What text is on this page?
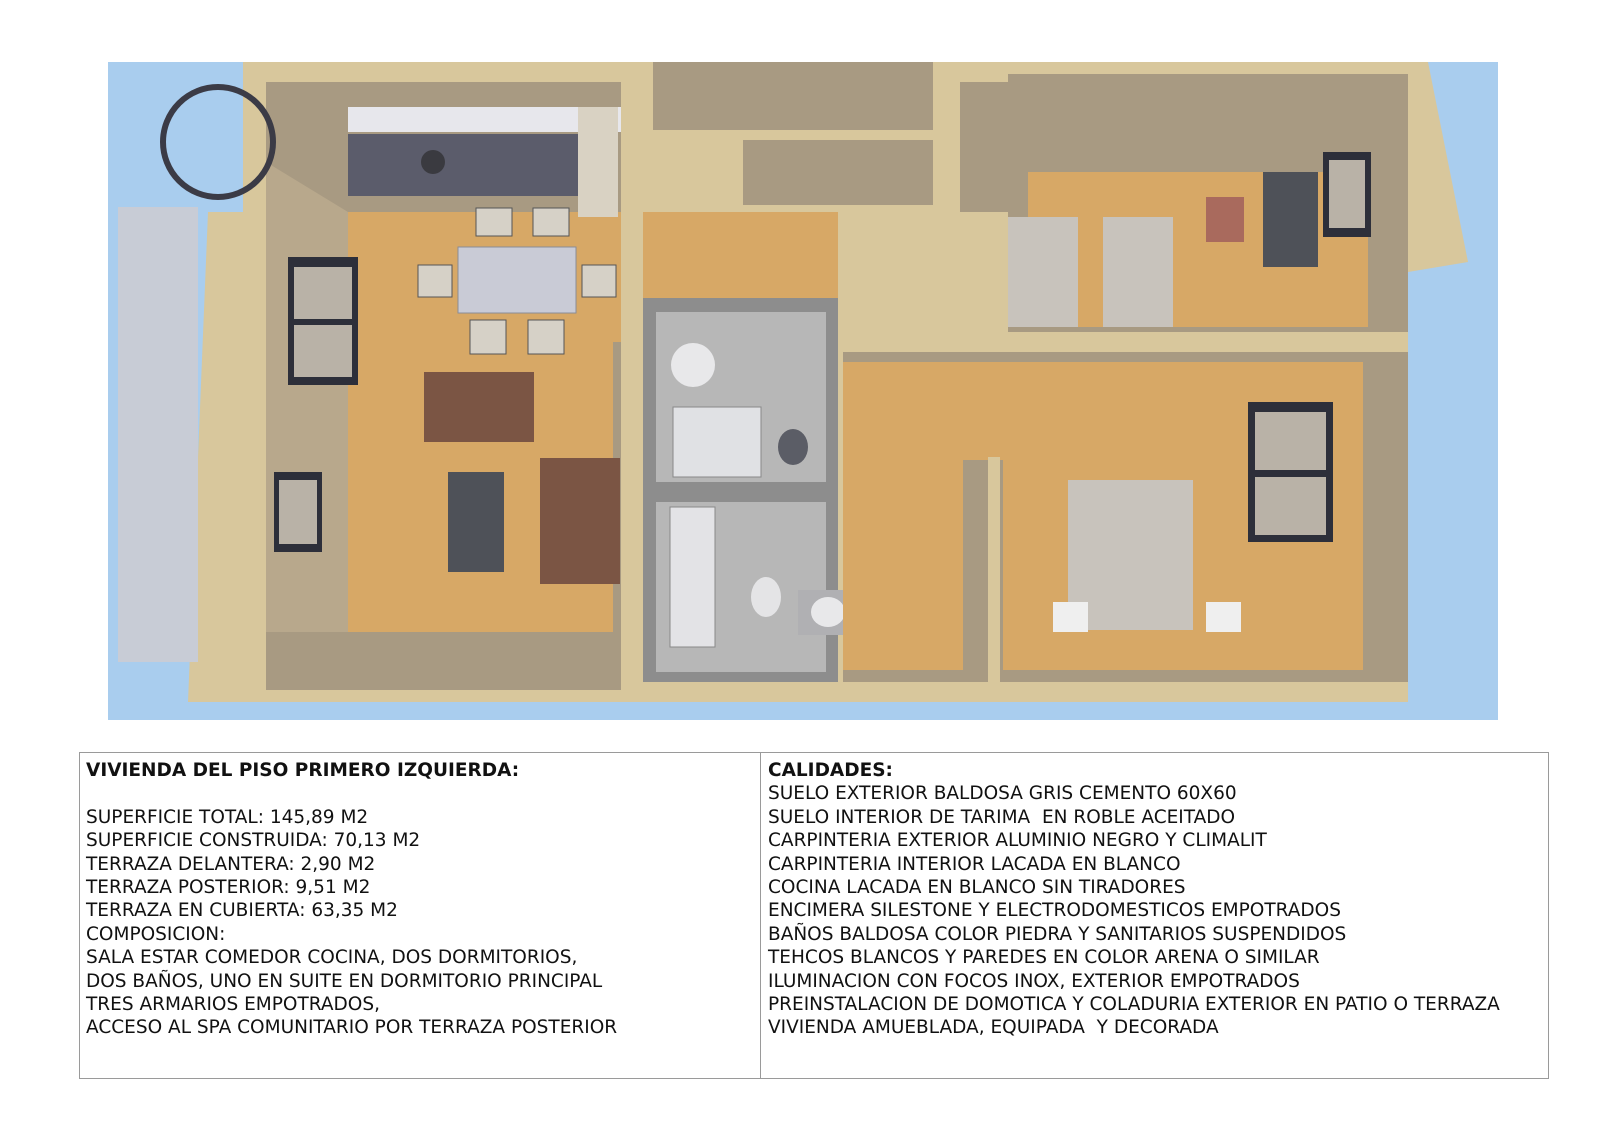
VIVIENDA DEL PISO PRIMERO IZQUIERDA:
SUPERFICIE TOTAL: 145,89 M2
SUPERFICIE CONSTRUIDA: 70,13 M2
TERRAZA DELANTERA: 2,90 M2
TERRAZA POSTERIOR: 9,51 M2
TERRAZA EN CUBIERTA: 63,35 M2
COMPOSICION:
SALA ESTAR COMEDOR COCINA, DOS DORMITORIOS,
DOS BAÑOS, UNO EN SUITE EN DORMITORIO PRINCIPAL
TRES ARMARIOS EMPOTRADOS,
ACCESO AL SPA COMUNITARIO POR TERRAZA POSTERIOR
CALIDADES:
SUELO EXTERIOR BALDOSA GRIS CEMENTO 60X60
SUELO INTERIOR DE TARIMA  EN ROBLE ACEITADO
CARPINTERIA EXTERIOR ALUMINIO NEGRO Y CLIMALIT
CARPINTERIA INTERIOR LACADA EN BLANCO
COCINA LACADA EN BLANCO SIN TIRADORES
ENCIMERA SILESTONE Y ELECTRODOMESTICOS EMPOTRADOS
BAÑOS BALDOSA COLOR PIEDRA Y SANITARIOS SUSPENDIDOS
TEHCOS BLANCOS Y PAREDES EN COLOR ARENA O SIMILAR
ILUMINACION CON FOCOS INOX, EXTERIOR EMPOTRADOS
PREINSTALACION DE DOMOTICA Y COLADURIA EXTERIOR EN PATIO O TERRAZA
VIVIENDA AMUEBLADA, EQUIPADA  Y DECORADA
